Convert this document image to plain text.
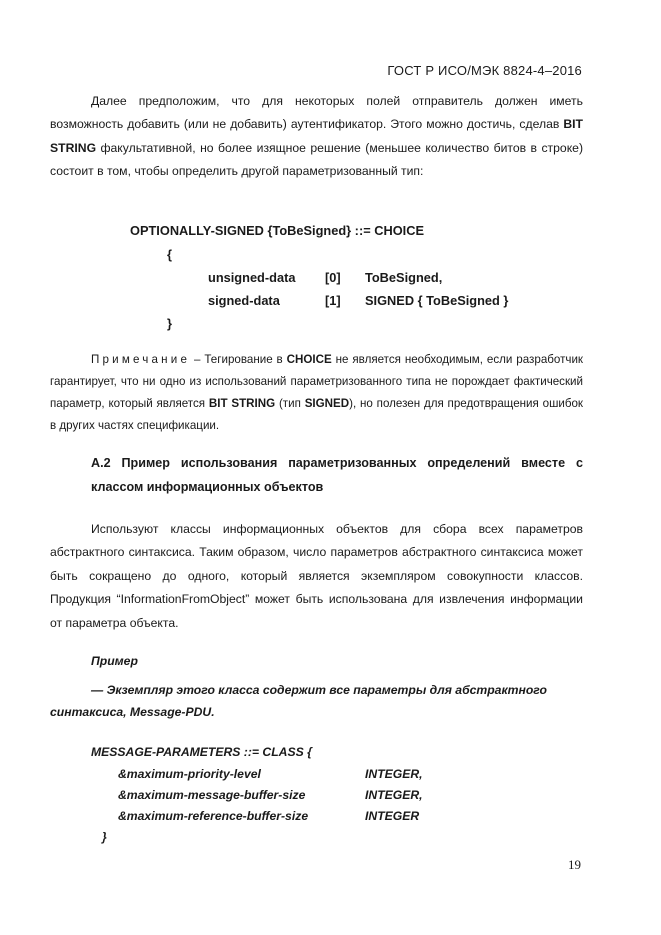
ГОСТ Р ИСО/МЭК 8824-4–2016

Далее предположим, что для некоторых полей отправитель должен иметь возможность добавить (или не добавить) аутентификатор. Этого можно достичь, сделав BIT STRING факультативной, но более изящное решение (меньшее количество битов в строке) состоит в том, чтобы определить другой параметризованный тип:

OPTIONALLY-SIGNED {ToBeSigned} ::= CHOICE
{
unsigned-data [0] ToBeSigned,
signed-data	[1] SIGNED { ToBeSigned }
}

Примечание – Тегирование в CHOICE не является необходимым, если разработчик гарантирует, что ни одно из использований параметризованного типа не порождает фактический параметр, который является BIT STRING (тип SIGNED), но полезен для предотвращения ошибок в других частях спецификации.

А.2 Пример использования параметризованных определений вместе с классом информационных объектов

Используют классы информационных объектов для сбора всех параметров абстрактного синтаксиса. Таким образом, число параметров абстрактного синтаксиса может быть сокращено до одного, который является экземпляром совокупности классов. Продукция “InformationFromObject” может быть использована для извлечения информации от параметра объекта.

Пример
— Экземпляр этого класса содержит все параметры для абстрактного
синтаксиса, Message-PDU.
MESSAGE-PARAMETERS ::= CLASS {
&maximum-priority-level	INTEGER,
&maximum-message-buffer-size	INTEGER,
&maximum-reference-buffer-size	INTEGER
}
19
